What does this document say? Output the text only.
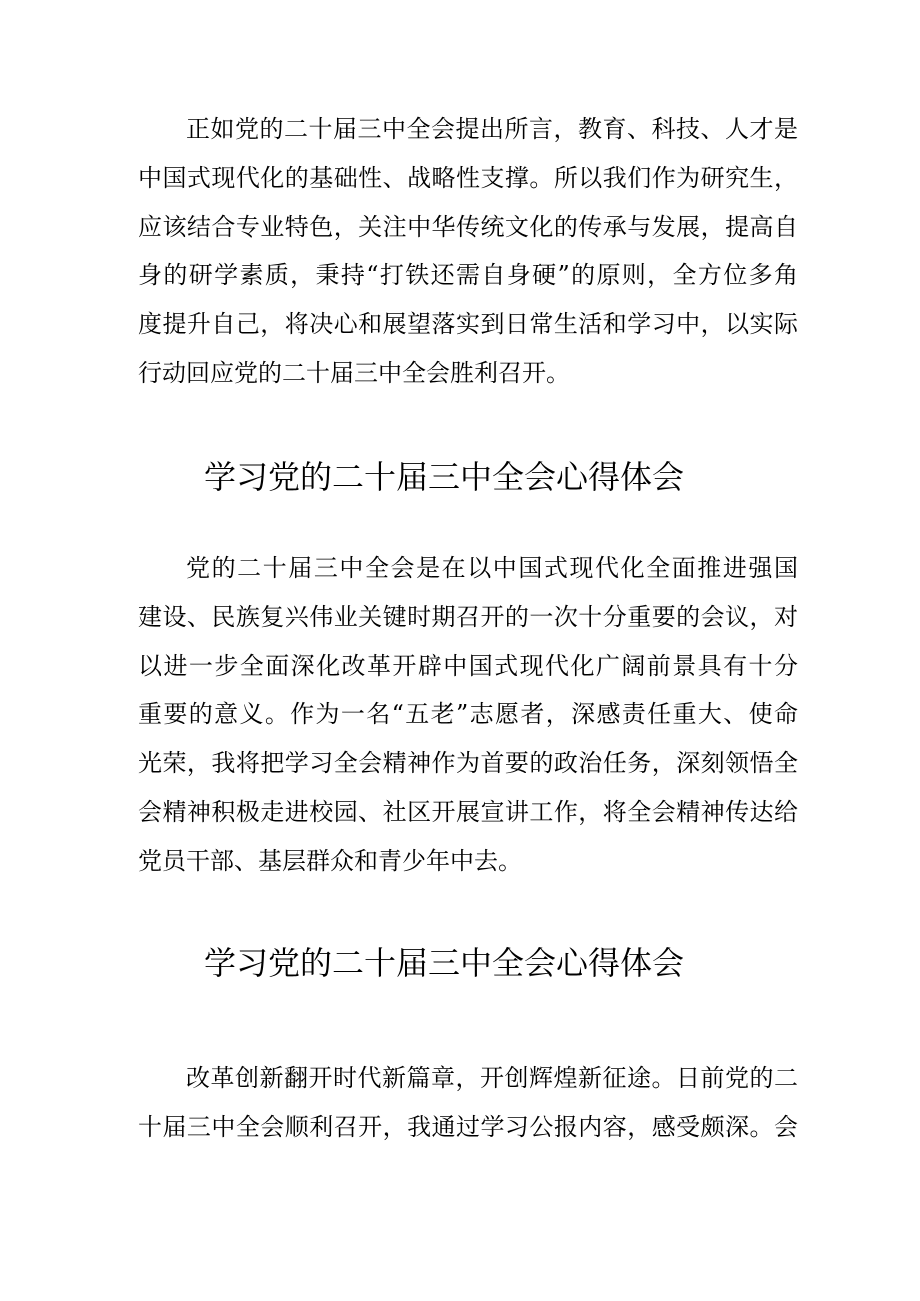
正如党的二十届三中全会提出所言，教育、科技、人才是
中国式现代化的基础性、战略性支撑。所以我们作为研究生，
应该结合专业特色，关注中华传统文化的传承与发展，提高自
身的研学素质，秉持“打铁还需自身硬”的原则，全方位多角
度提升自己，将决心和展望落实到日常生活和学习中，以实际
行动回应党的二十届三中全会胜利召开。
学习党的二十届三中全会心得体会
党的二十届三中全会是在以中国式现代化全面推进强国
建设、民族复兴伟业关键时期召开的一次十分重要的会议，对
以进一步全面深化改革开辟中国式现代化广阔前景具有十分
重要的意义。作为一名“五老”志愿者，深感责任重大、使命
光荣，我将把学习全会精神作为首要的政治任务，深刻领悟全
会精神积极走进校园、社区开展宣讲工作，将全会精神传达给
党员干部、基层群众和青少年中去。
学习党的二十届三中全会心得体会
改革创新翻开时代新篇章，开创辉煌新征途。日前党的二
十届三中全会顺利召开，我通过学习公报内容，感受颇深。会
